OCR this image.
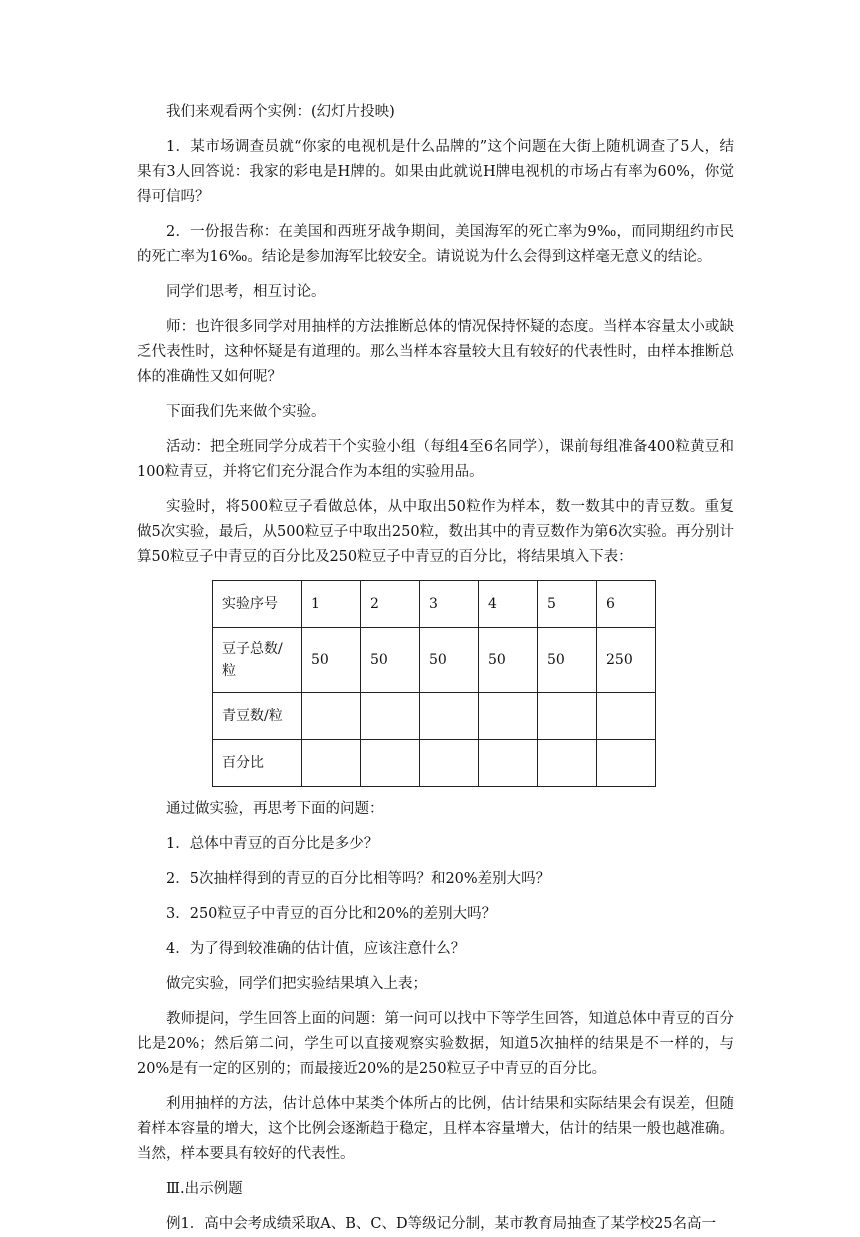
我们来观看两个实例：(幻灯片投映)

1．某市场调查员就“你家的电视机是什么品牌的”这个问题在大街上随机调查了5人，结果有3人回答说：我家的彩电是H牌的。如果由此就说H牌电视机的市场占有率为60%，你觉得可信吗？

2．一份报告称：在美国和西班牙战争期间，美国海军的死亡率为9‰，而同期纽约市民的死亡率为16‰。结论是参加海军比较安全。请说说为什么会得到这样毫无意义的结论。

同学们思考，相互讨论。

师：也许很多同学对用抽样的方法推断总体的情况保持怀疑的态度。当样本容量太小或缺乏代表性时，这种怀疑是有道理的。那么当样本容量较大且有较好的代表性时，由样本推断总体的准确性又如何呢？

下面我们先来做个实验。

活动：把全班同学分成若干个实验小组（每组4至6名同学），课前每组准备400粒黄豆和100粒青豆，并将它们充分混合作为本组的实验用品。

实验时，将500粒豆子看做总体，从中取出50粒作为样本，数一数其中的青豆数。重复做5次实验，最后，从500粒豆子中取出250粒，数出其中的青豆数作为第6次实验。再分别计算50粒豆子中青豆的百分比及250粒豆子中青豆的百分比，将结果填入下表：

实验序号	1	2	3	4	5	6
豆子总数/粒	50	50	50	50	50	250
青豆数/粒						
百分比						

通过做实验，再思考下面的问题：

1．总体中青豆的百分比是多少？

2．5次抽样得到的青豆的百分比相等吗？和20%差别大吗？

3．250粒豆子中青豆的百分比和20%的差别大吗？

4．为了得到较准确的估计值，应该注意什么？

做完实验，同学们把实验结果填入上表；

教师提问，学生回答上面的问题：第一问可以找中下等学生回答，知道总体中青豆的百分比是20%；然后第二问，学生可以直接观察实验数据，知道5次抽样的结果是不一样的，与20%是有一定的区别的；而最接近20%的是250粒豆子中青豆的百分比。

利用抽样的方法，估计总体中某类个体所占的比例，估计结果和实际结果会有误差，但随着样本容量的增大，这个比例会逐渐趋于稳定，且样本容量增大，估计的结果一般也越准确。当然，样本要具有较好的代表性。

Ⅲ.出示例题

例1．高中会考成绩采取A、B、C、D等级记分制，某市教育局抽查了某学校25名高一
